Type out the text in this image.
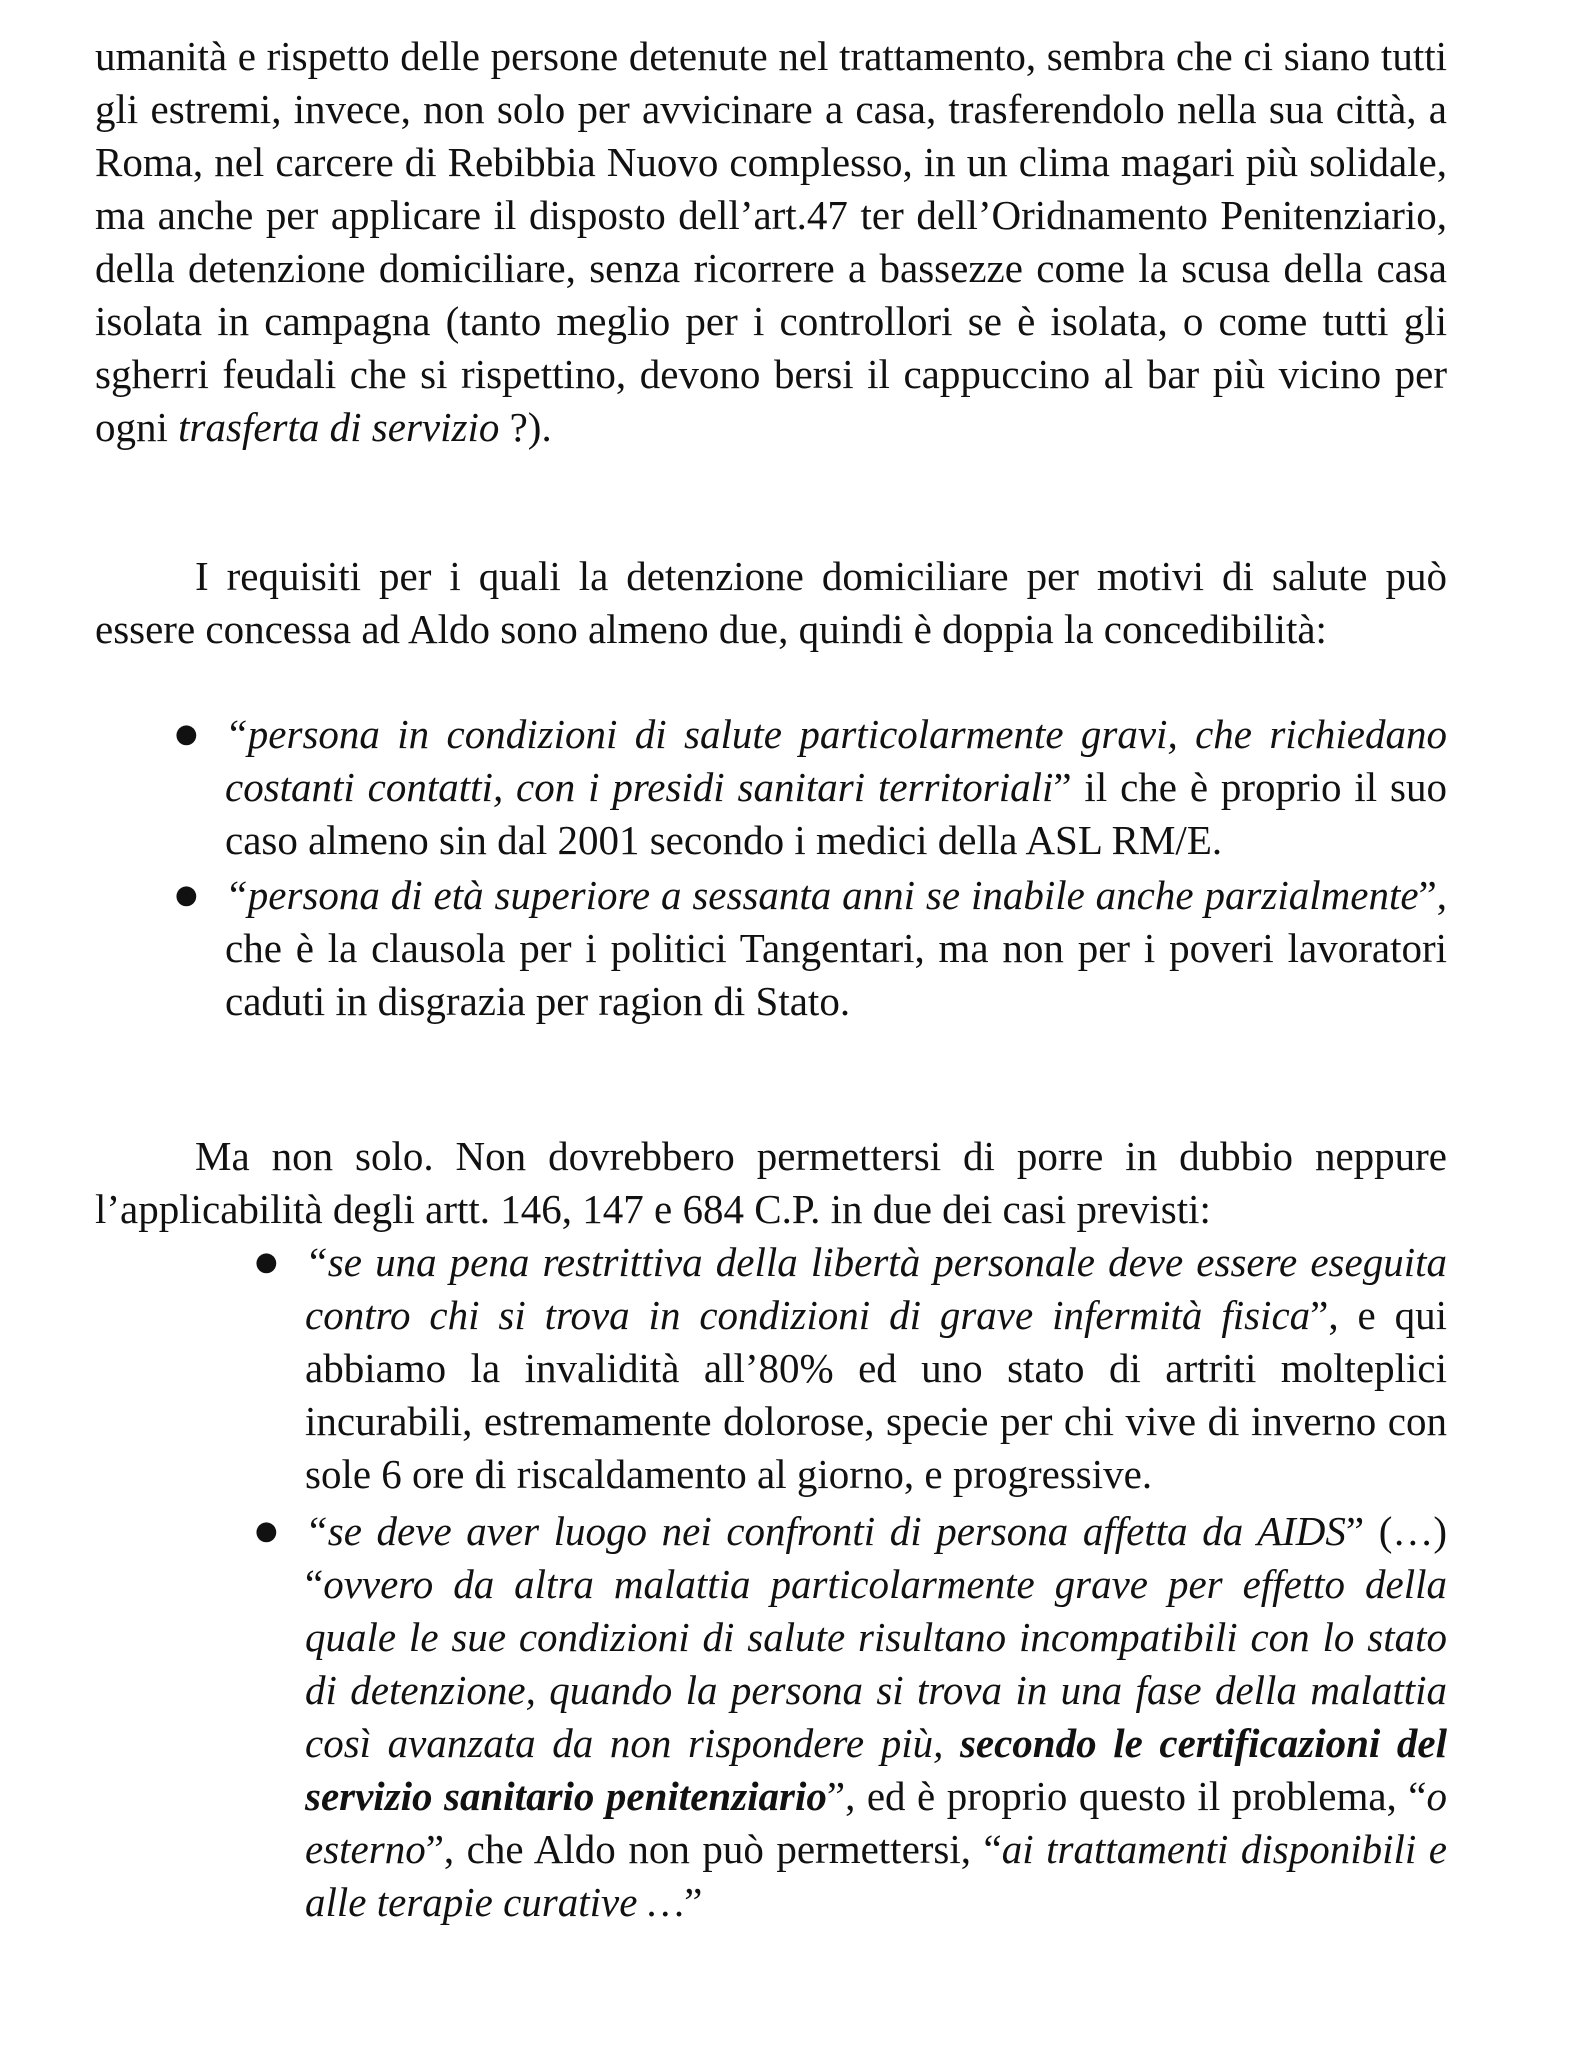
umanità e rispetto delle persone detenute nel trattamento, sembra che ci siano tutti gli estremi, invece, non solo per avvicinare a casa, trasferendolo nella sua città, a Roma, nel carcere di Rebibbia Nuovo complesso, in un clima magari più solidale, ma anche per applicare il disposto dell’art.47 ter dell’Oridnamento Penitenziario, della detenzione domiciliare, senza ricorrere a bassezze come la scusa della casa isolata in campagna (tanto meglio per i controllori se è isolata, o come tutti gli sgherri feudali che si rispettino, devono bersi il cappuccino al bar più vicino per ogni trasferta di servizio ?).
I requisiti per i quali la detenzione domiciliare per motivi di salute può essere concessa ad Aldo sono almeno due, quindi è doppia la concedibilità:
● “persona in condizioni di salute particolarmente gravi, che richiedano costanti contatti, con i presidi sanitari territoriali” il che è proprio il suo caso almeno sin dal 2001 secondo i medici della ASL RM/E.
● “persona di età superiore a sessanta anni se inabile anche parzialmente”, che è la clausola per i politici Tangentari, ma non per i poveri lavoratori caduti in disgrazia per ragion di Stato.
Ma non solo. Non dovrebbero permettersi di porre in dubbio neppure l’applicabilità degli artt. 146, 147 e 684 C.P. in due dei casi previsti:
● “se una pena restrittiva della libertà personale deve essere eseguita contro chi si trova in condizioni di grave infermità fisica”, e qui abbiamo la invalidità all’80% ed uno stato di artriti molteplici incurabili, estremamente dolorose, specie per chi vive di inverno con sole 6 ore di riscaldamento al giorno, e progressive.
● “se deve aver luogo nei confronti di persona affetta da AIDS” (…) “ovvero da altra malattia particolarmente grave per effetto della quale le sue condizioni di salute risultano incompatibili con lo stato di detenzione, quando la persona si trova in una fase della malattia così avanzata da non rispondere più, secondo le certificazioni del servizio sanitario penitenziario”, ed è proprio questo il problema, “o esterno”, che Aldo non può permettersi, “ai trattamenti disponibili e alle terapie curative …”
